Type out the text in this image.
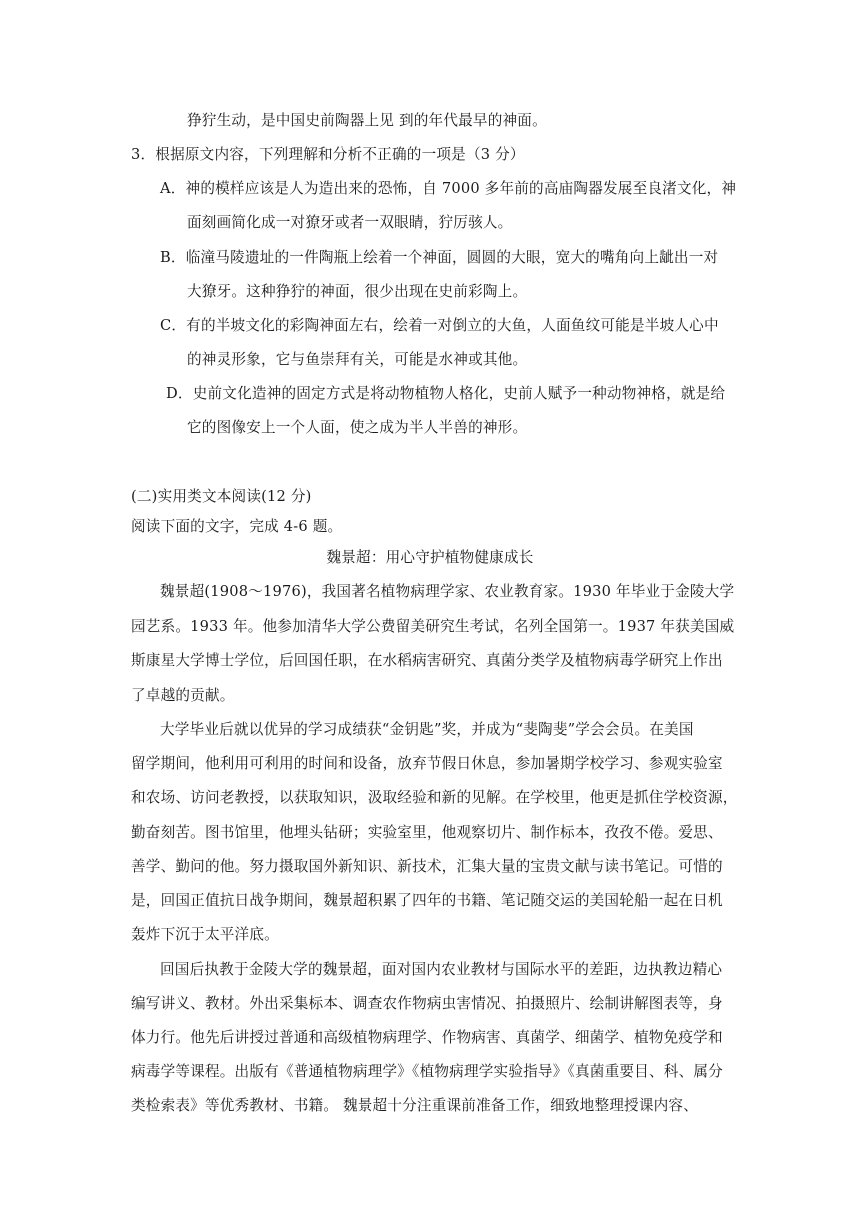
狰狞生动，是中国史前陶器上见 到的年代最早的神面。
3．根据原文内容，下列理解和分析不正确的一项是（3 分）
A．神的模样应该是人为造出来的恐怖，自 7000 多年前的高庙陶器发展至良渚文化，神
面刻画简化成一对獠牙或者一双眼睛，狞厉骇人。
B．临潼马陵遗址的一件陶瓶上绘着一个神面，圆圆的大眼，宽大的嘴角向上龇出一对
大獠牙。这种狰狞的神面，很少出现在史前彩陶上。
C．有的半坡文化的彩陶神面左右，绘着一对倒立的大鱼，人面鱼纹可能是半坡人心中
的神灵形象，它与鱼崇拜有关，可能是水神或其他。
D．史前文化造神的固定方式是将动物植物人格化，史前人赋予一种动物神格，就是给
它的图像安上一个人面，使之成为半人半兽的神形。
(二)实用类文本阅读(12 分)
阅读下面的文字，完成 4-6 题。
魏景超：用心守护植物健康成长
魏景超(1908～1976)，我国著名植物病理学家、农业教育家。1930 年毕业于金陵大学
园艺系。1933 年。他参加清华大学公费留美研究生考试，名列全国第一。1937 年获美国威
斯康星大学博士学位，后回国任职，在水稻病害研究、真菌分类学及植物病毒学研究上作出
了卓越的贡献。
大学毕业后就以优异的学习成绩获“金钥匙”奖，并成为“斐陶斐”学会会员。在美国
留学期间，他利用可利用的时间和设备，放弃节假日休息，参加暑期学校学习、参观实验室
和农场、访问老教授，以获取知识，汲取经验和新的见解。在学校里，他更是抓住学校资源，
勤奋刻苦。图书馆里，他埋头钻研；实验室里，他观察切片、制作标本，孜孜不倦。爱思、
善学、勤问的他。努力摄取国外新知识、新技术，汇集大量的宝贵文献与读书笔记。可惜的
是，回国正值抗日战争期间，魏景超积累了四年的书籍、笔记随交运的美国轮船一起在日机
轰炸下沉于太平洋底。
回国后执教于金陵大学的魏景超，面对国内农业教材与国际水平的差距，边执教边精心
编写讲义、教材。外出采集标本、调查农作物病虫害情况、拍摄照片、绘制讲解图表等，身
体力行。他先后讲授过普通和高级植物病理学、作物病害、真菌学、细菌学、植物免疫学和
病毒学等课程。出版有《普通植物病理学》《植物病理学实验指导》《真菌重要目、科、属分
类检索表》等优秀教材、书籍。 魏景超十分注重课前准备工作，细致地整理授课内容、
